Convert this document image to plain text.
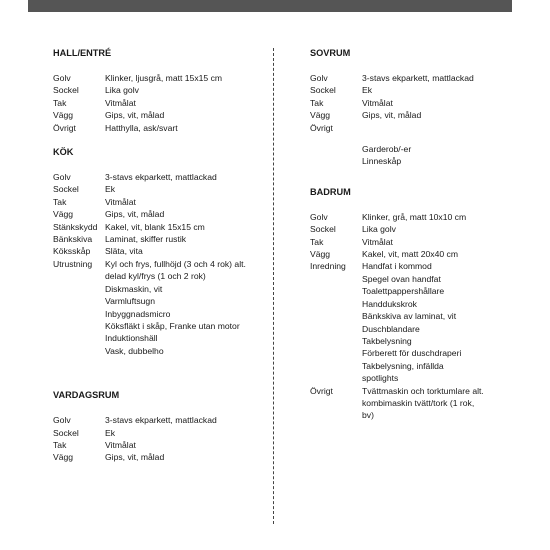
HALL/ENTRÉ
Golv	Klinker, ljusgrå, matt 15x15 cm
Sockel	Lika golv
Tak	Vitmålat
Vägg	Gips, vit, målad
Övrigt	Hatthylla, ask/svart
KÖK
Golv	3-stavs ekparkett, mattlackad
Sockel	Ek
Tak	Vitmålat
Vägg	Gips, vit, målad
Stänkskydd Kakel, vit, blank 15x15 cm
Bänkskiva	Laminat, skiffer rustik
Köksskåp	Släta, vita
Utrustning	Kyl och frys, fullhöjd (3 och 4 rok) alt.
delad kyl/frys (1 och 2 rok)
Diskmaskin, vit
Varmluftsugn
Inbyggnadsmicro
Köksfläkt i skåp, Franke utan motor
Induktionshäll
Vask, dubbelho
VARDAGSRUM
Golv	3-stavs ekparkett, mattlackad
Sockel	Ek
Tak	Vitmålat
Vägg	Gips, vit, målad
SOVRUM
Golv	3-stavs ekparkett, mattlackad
Sockel	Ek
Tak	Vitmålat
Vägg	Gips, vit, målad
Övrigt
Garderob/-er
Linneskåp
BADRUM
Golv	Klinker, grå, matt 10x10 cm
Sockel	Lika golv
Tak	Vitmålat
Vägg	Kakel, vit, matt 20x40 cm
Inredning	Handfat i kommod
Spegel ovan handfat
Toalettpappershållare
Handdukskrok
Bänkskiva av laminat, vit
Duschblandare
Takbelysning
Förberett för duschdraperi
Takbelysning, infällda
spotlights
Övrigt	Tvättmaskin och torktumlare alt.
kombimaskin tvätt/tork (1 rok,
bv)
